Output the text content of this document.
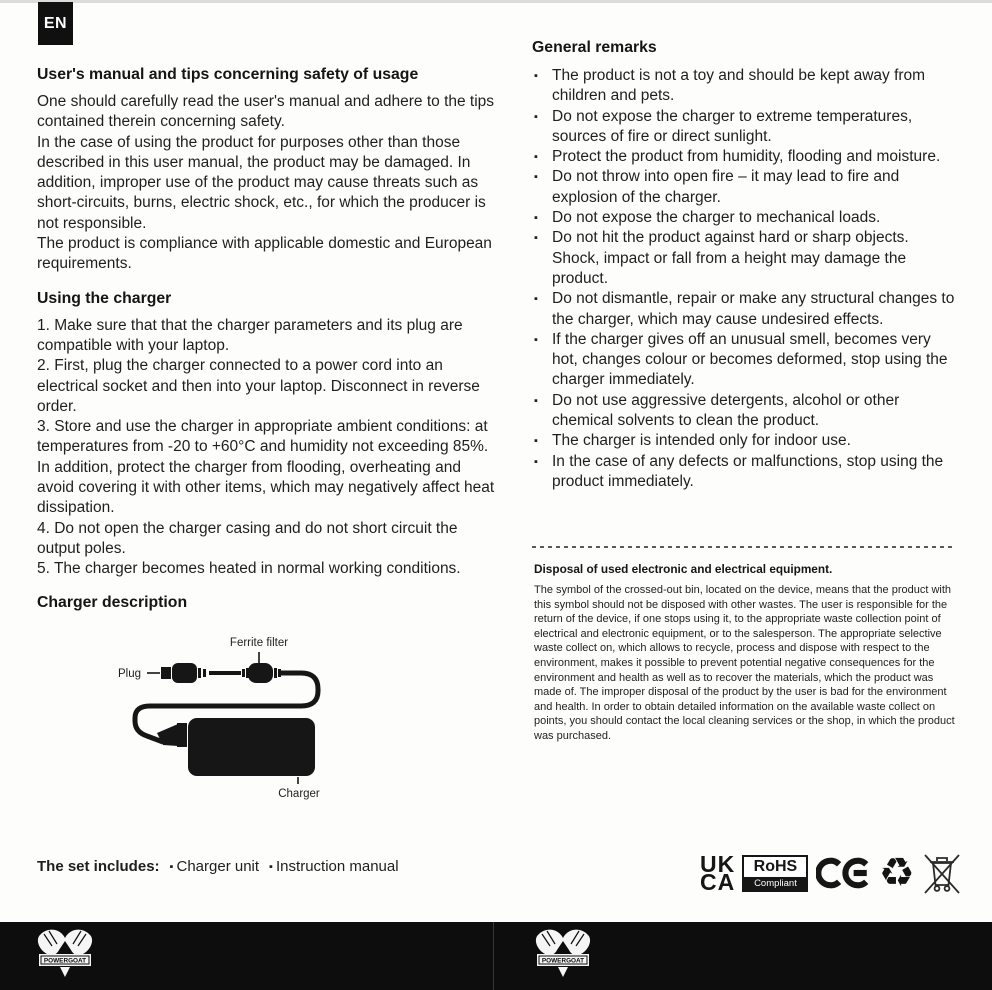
EN
User's manual and tips concerning safety of usage

One should carefully read the user's manual and adhere to the tips contained therein concerning safety.

In the case of using the product for purposes other than those described in this user manual, the product may be damaged. In addition, improper use of the product may cause threats such as short-circuits, burns, electric shock, etc., for which the producer is not responsible.

The product is compliance with applicable domestic and European requirements.

Using the charger

1. Make sure that that the charger parameters and its plug are compatible with your laptop.

2. First, plug the charger connected to a power cord into an electrical socket and then into your laptop. Disconnect in reverse order.

3. Store and use the charger in appropriate ambient conditions: at temperatures from -20 to +60°C and humidity not exceeding 85%. In addition, protect the charger from flooding, overheating and avoid covering it with other items, which may negatively affect heat dissipation.

4. Do not open the charger casing and do not short circuit the output poles.

5. The charger becomes heated in normal working conditions.

Charger description
Ferrite filter
Plug
Charger
The set includes:	▪ Charger unit	▪ Instruction manual
General remarks
▪ The product is not a toy and should be kept away from children and pets.
▪ Do not expose the charger to extreme temperatures, sources of fire or direct sunlight.
▪ Protect the product from humidity, flooding and moisture.
▪ Do not throw into open fire – it may lead to fire and explosion of the charger.
▪ Do not expose the charger to mechanical loads.
▪ Do not hit the product against hard or sharp objects. Shock, impact or fall from a height may damage the product.
▪ Do not dismantle, repair or make any structural changes to the charger, which may cause undesired effects.
▪ If the charger gives off an unusual smell, becomes very hot, changes colour or becomes deformed, stop using the charger immediately.
▪ Do not use aggressive detergents, alcohol or other chemical solvents to clean the product.
▪ The charger is intended only for indoor use.
▪ In the case of any defects or malfunctions, stop using the product immediately.
Disposal of used electronic and electrical equipment.

The symbol of the crossed-out bin, located on the device, means that the product with this symbol should not be disposed with other wastes. The user is responsible for the return of the device, if one stops using it, to the appropriate waste collection point of electrical and electronic equipment, or to the salesperson. The appropriate selective waste collect on, which allows to recycle, process and dispose with respect to the environment, makes it possible to prevent potential negative consequences for the environment and health as well as to recover the materials, which the product was made of. The improper disposal of the product by the user is bad for the environment and health. In order to obtain detailed information on the available waste collect on points, you should contact the local cleaning services or the shop, in which the product was purchased.

UK
CA
RoHS
Compliant ♻
POWERGOAT	POWERGOAT
